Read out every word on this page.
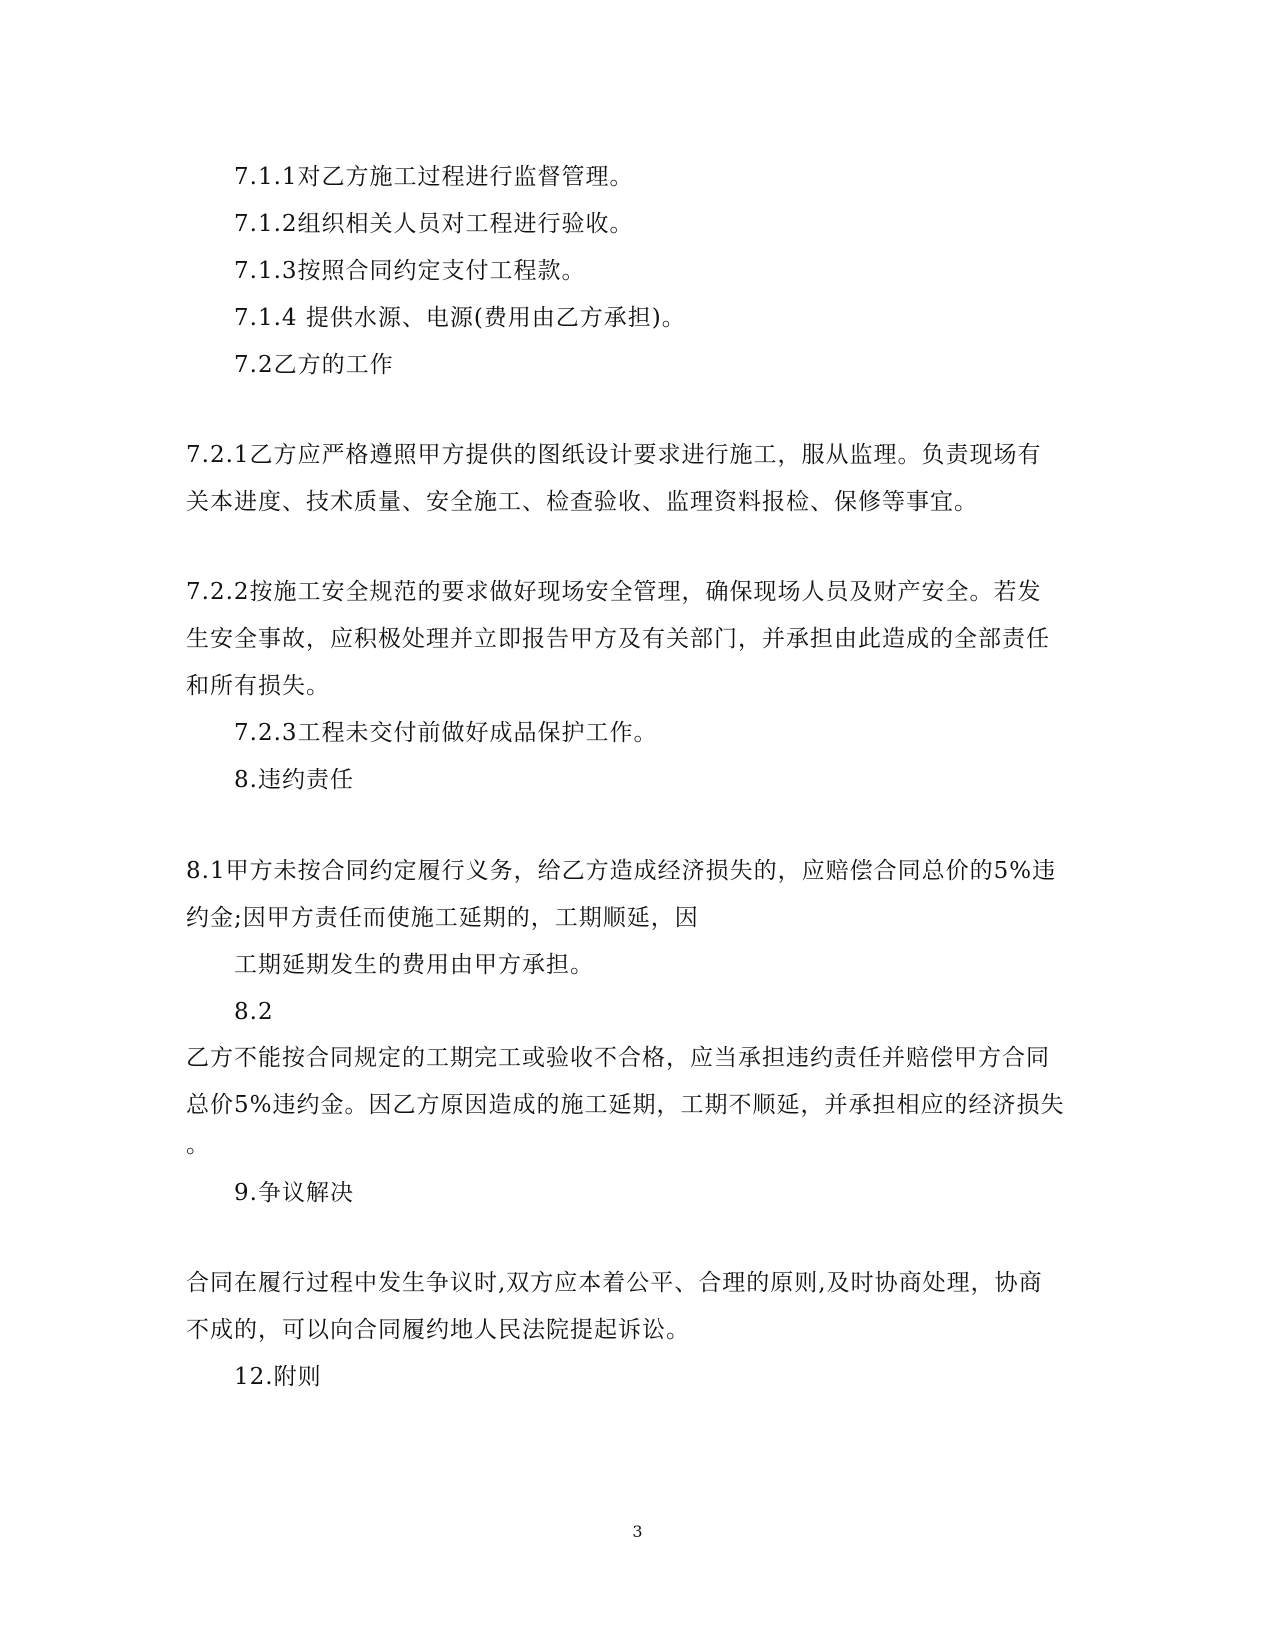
7.1.1对乙方施工过程进行监督管理。
7.1.2组织相关人员对工程进行验收。
7.1.3按照合同约定支付工程款。
7.1.4 提供水源、电源(费用由乙方承担)。
7.2乙方的工作
7.2.1乙方应严格遵照甲方提供的图纸设计要求进行施工，服从监理。负责现场有
关本进度、技术质量、安全施工、检查验收、监理资料报检、保修等事宜。
7.2.2按施工安全规范的要求做好现场安全管理，确保现场人员及财产安全。若发
生安全事故，应积极处理并立即报告甲方及有关部门，并承担由此造成的全部责任
和所有损失。
7.2.3工程未交付前做好成品保护工作。
8.违约责任
8.1甲方未按合同约定履行义务，给乙方造成经济损失的，应赔偿合同总价的5%违
约金;因甲方责任而使施工延期的，工期顺延，因
工期延期发生的费用由甲方承担。
8.2
乙方不能按合同规定的工期完工或验收不合格，应当承担违约责任并赔偿甲方合同
总价5%违约金。因乙方原因造成的施工延期，工期不顺延，并承担相应的经济损失
。
9.争议解决
合同在履行过程中发生争议时,双方应本着公平、合理的原则,及时协商处理，协商
不成的，可以向合同履约地人民法院提起诉讼。
12.附则
3
